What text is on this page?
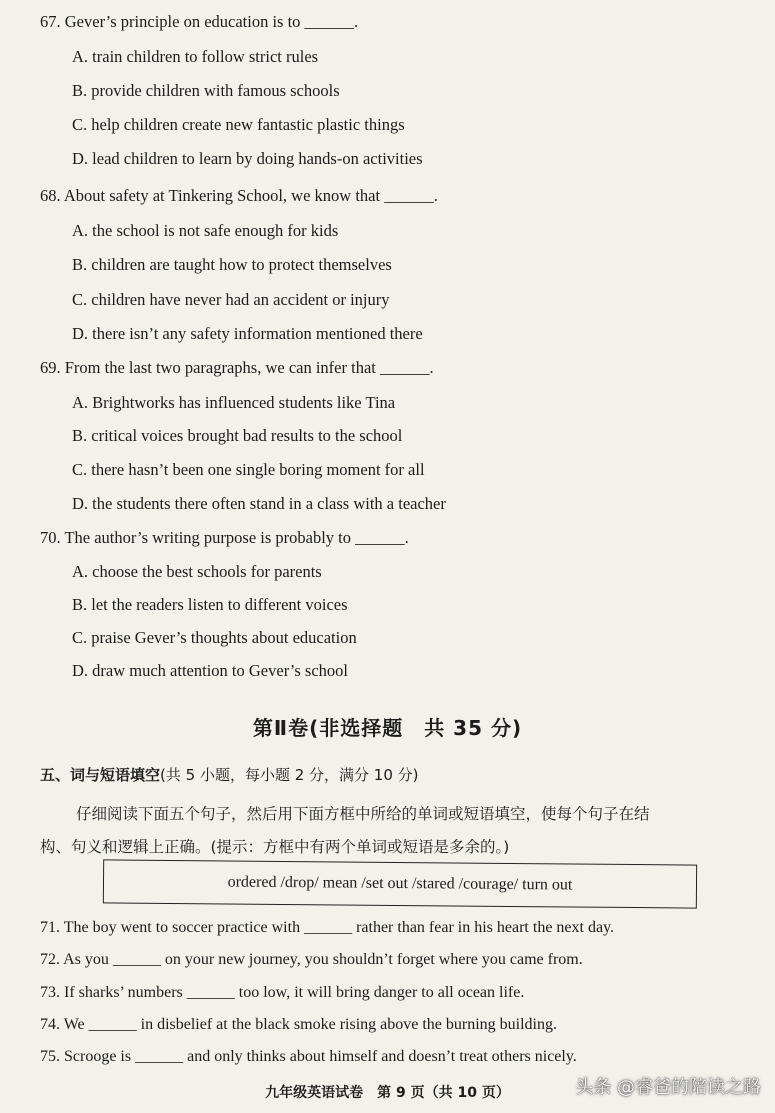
67. Gever’s principle on education is to ______.
A. train children to follow strict rules
B. provide children with famous schools
C. help children create new fantastic plastic things
D. lead children to learn by doing hands-on activities
68. About safety at Tinkering School, we know that ______.
A. the school is not safe enough for kids
B. children are taught how to protect themselves
C. children have never had an accident or injury
D. there isn’t any safety information mentioned there
69. From the last two paragraphs, we can infer that ______.
A. Brightworks has influenced students like Tina
B. critical voices brought bad results to the school
C. there hasn’t been one single boring moment for all
D. the students there often stand in a class with a teacher
70. The author’s writing purpose is probably to ______.
A. choose the best schools for parents
B. let the readers listen to different voices
C. praise Gever’s thoughts about education
D. draw much attention to Gever’s school
第Ⅱ卷(非选择题　共 35 分)
五、词与短语填空(共 5 小题，每小题 2 分，满分 10 分)
仔细阅读下面五个句子，然后用下面方框中所给的单词或短语填空，使每个句子在结
构、句义和逻辑上正确。(提示：方框中有两个单词或短语是多余的。)
ordered /drop/ mean /set out /stared /courage/ turn out
71. The boy went to soccer practice with ______ rather than fear in his heart the next day.
72. As you ______ on your new journey, you shouldn’t forget where you came from.
73. If sharks’ numbers ______ too low, it will bring danger to all ocean life.
74. We ______ in disbelief at the black smoke rising above the burning building.
75. Scrooge is ______ and only thinks about himself and doesn’t treat others nicely.
九年级英语试卷　第 9 页（共 10 页）	头条 @睿爸的陪读之路
